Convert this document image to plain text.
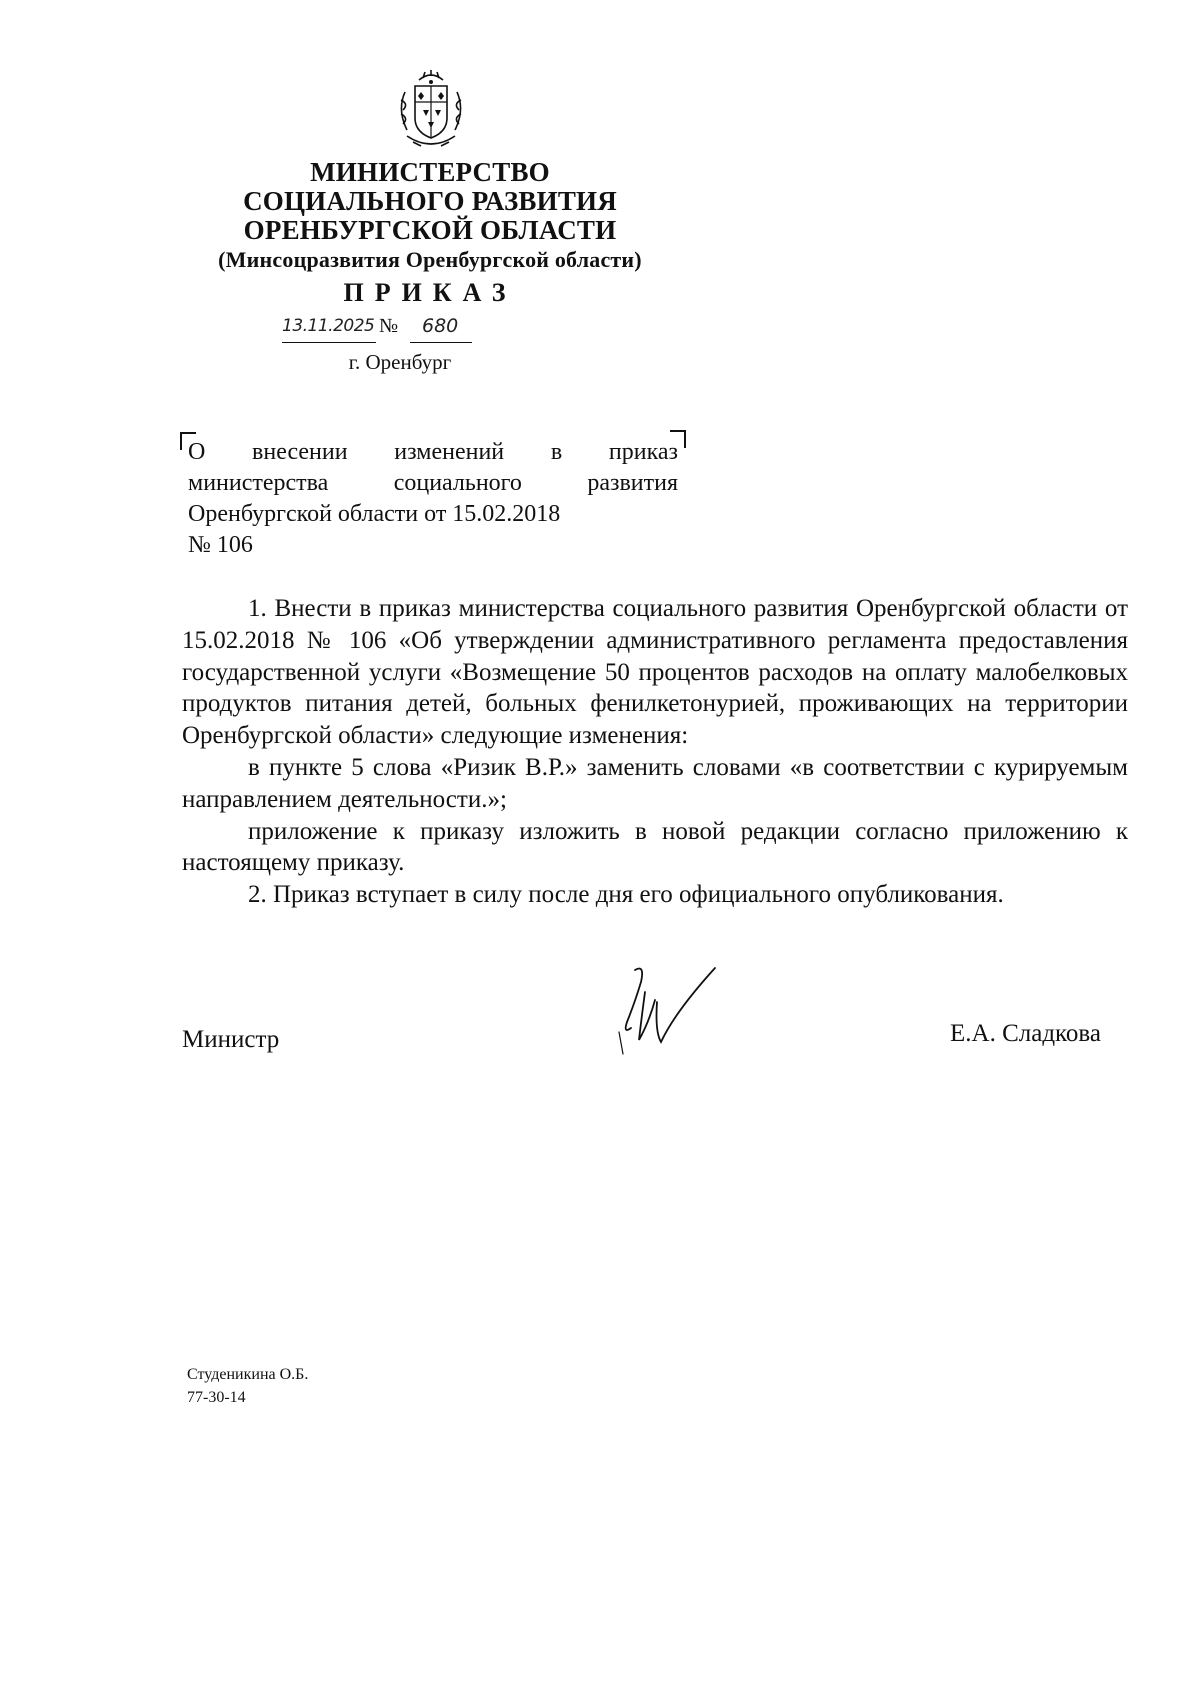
МИНИСТЕРСТВО
СОЦИАЛЬНОГО РАЗВИТИЯ
ОРЕНБУРГСКОЙ ОБЛАСТИ
(Минсоцразвития Оренбургской области)
ПРИКАЗ
13.11.2025 № 680
г. Оренбург
О внесении изменений в приказ
министерства социального развития
Оренбургской области от 15.02.2018
№ 106

1. Внести в приказ министерства социального развития Оренбургской области от 15.02.2018 № 106 «Об утверждении административного регламента предоставления государственной услуги «Возмещение 50 процентов расходов на оплату малобелковых продуктов питания детей, больных фенилкетонурией, проживающих на территории Оренбургской области» следующие изменения:

в пункте 5 слова «Ризик В.Р.» заменить словами «в соответствии с курируемым направлением деятельности.»;

приложение к приказу изложить в новой редакции согласно приложению к настоящему приказу.

2. Приказ вступает в силу после дня его официального опубликования.

Министр	Е.А. Сладкова
Студеникина О.Б.
77-30-14
